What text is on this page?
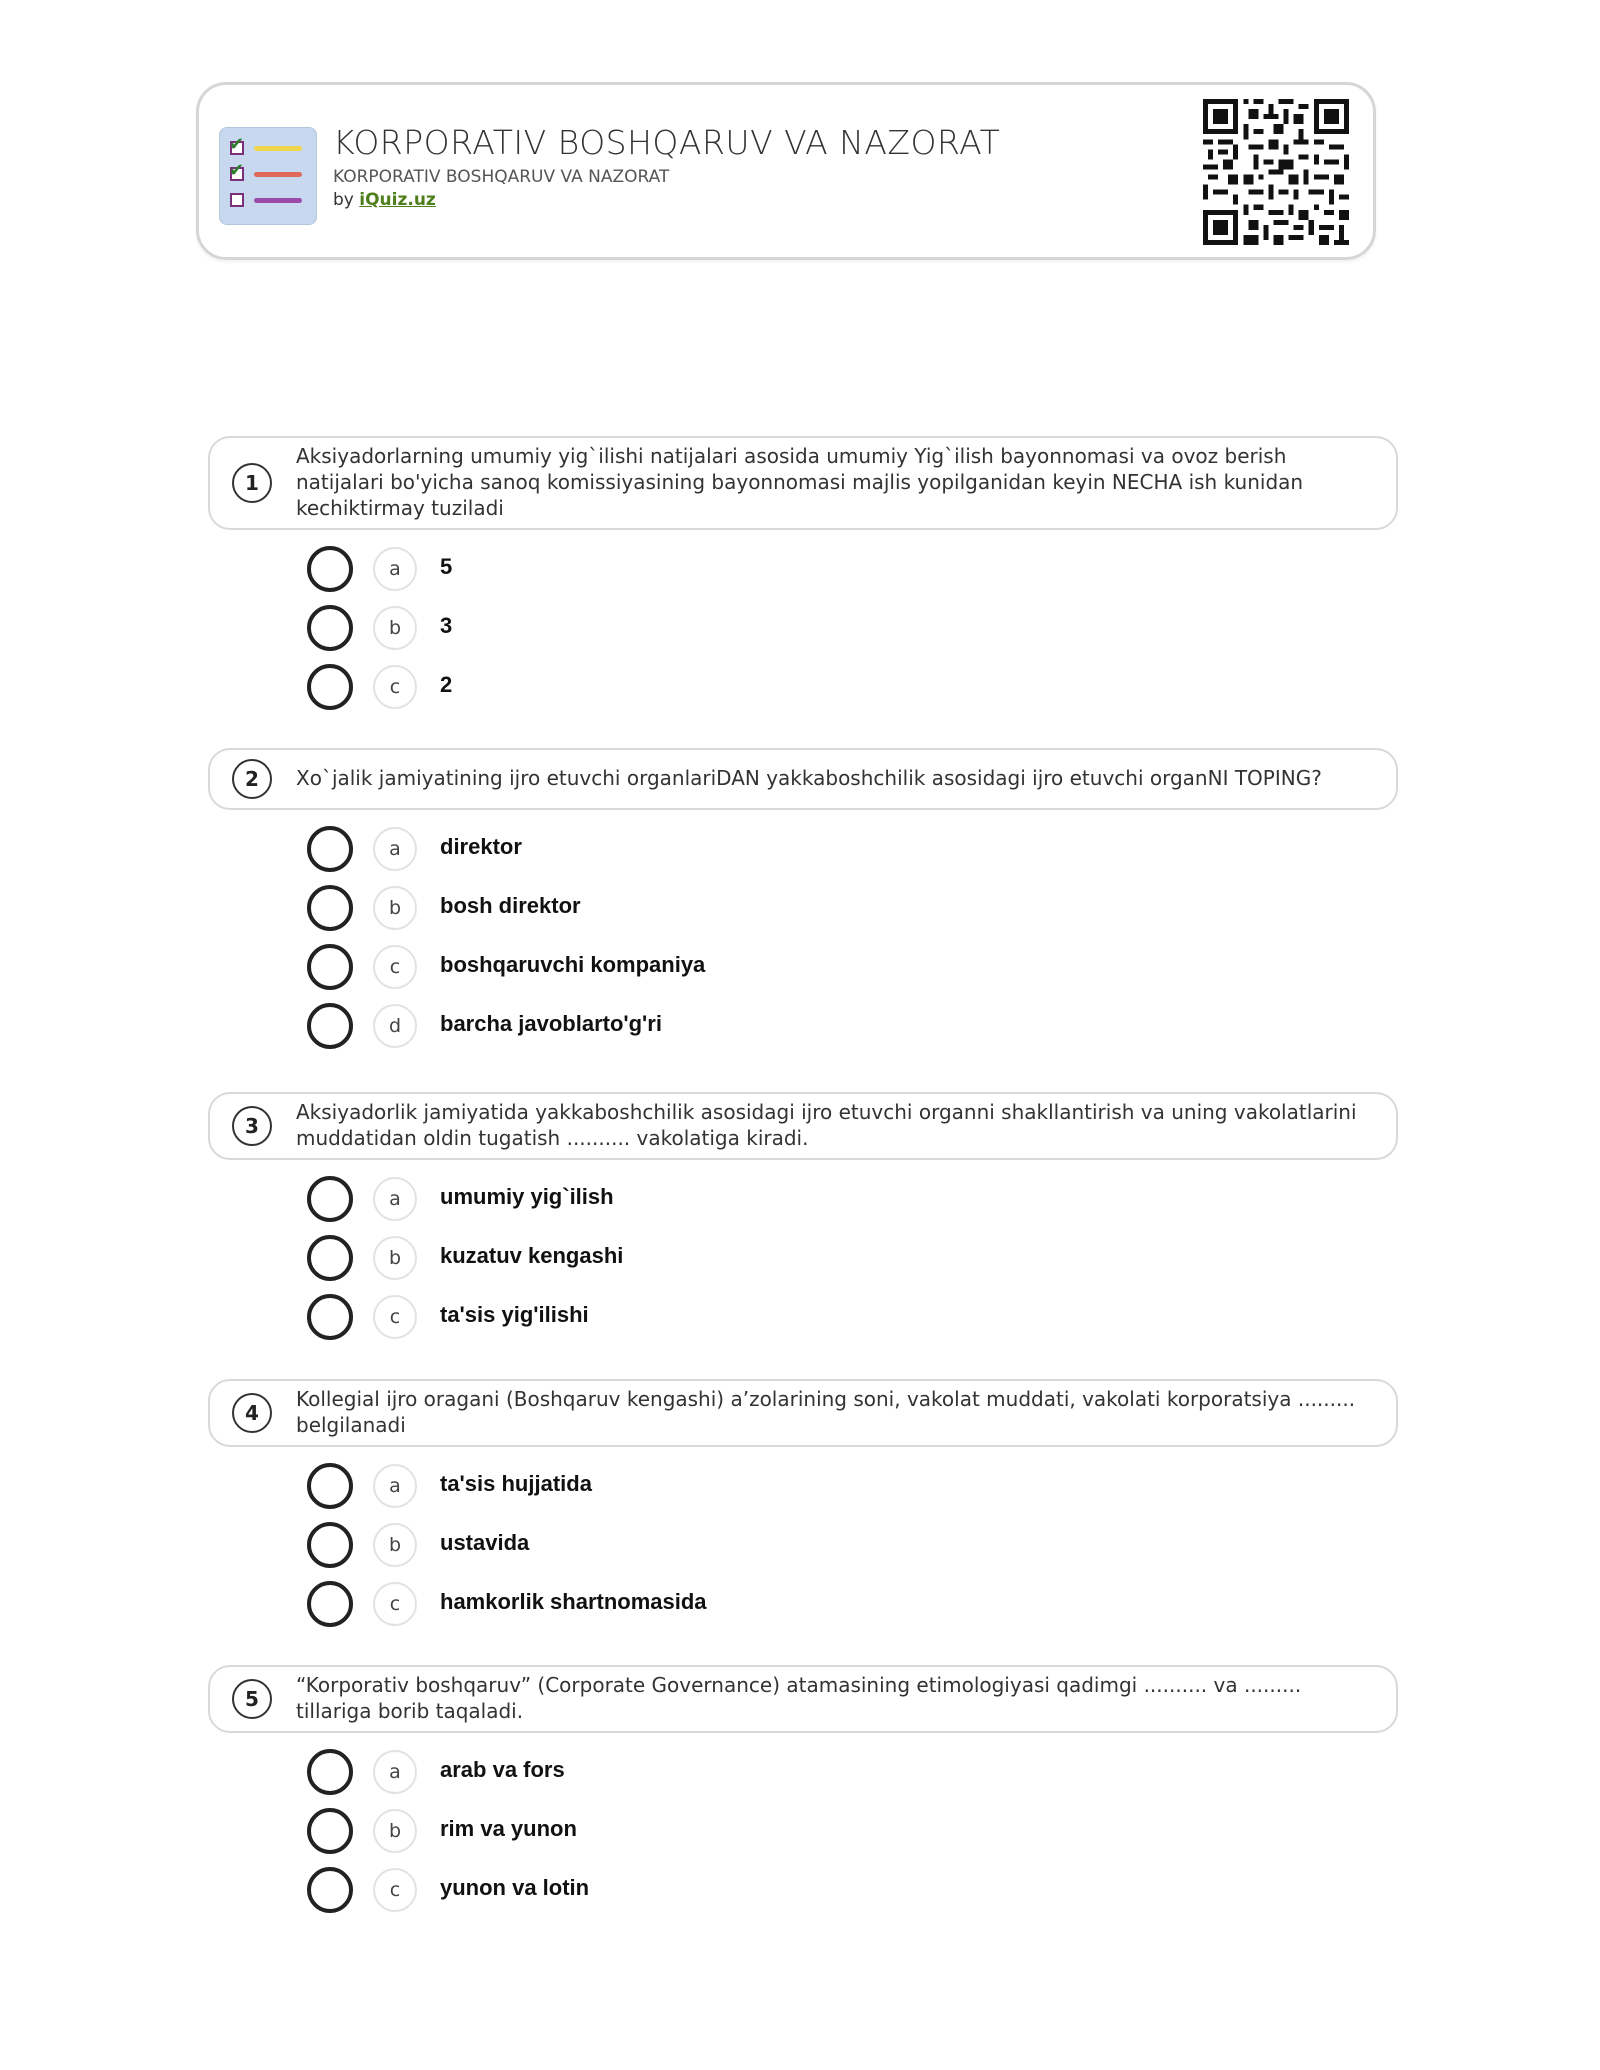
✔
✔
KORPORATIV BOSHQARUV VA NAZORAT
KORPORATIV BOSHQARUV VA NAZORAT
by iQuiz.uz
1
Aksiyadorlarning umumiy yig`ilishi natijalari asosida umumiy Yig`ilish bayonnomasi va ovoz berish natijalari bo'yicha sanoq komissiyasining bayonnomasi majlis yopilganidan keyin NECHA ish kunidan kechiktirmay tuziladi
a	5
b	3
c	2
2	Xo`jalik jamiyatining ijro etuvchi organlariDAN yakkaboshchilik asosidagi ijro etuvchi organNI TOPING?
a	direktor
b	bosh direktor
c	boshqaruvchi kompaniya
d	barcha javoblarto'g'ri
3
Aksiyadorlik jamiyatida yakkaboshchilik asosidagi ijro etuvchi organni shakllantirish va uning vakolatlarini muddatidan oldin tugatish .......... vakolatiga kiradi.
a	umumiy yig`ilish
b	kuzatuv kengashi
c	ta'sis yig'ilishi
4
Kollegial ijro oragani (Boshqaruv kengashi) a’zolarining soni, vakolat muddati, vakolati korporatsiya ......... belgilanadi
a	ta'sis hujjatida
b	ustavida
c	hamkorlik shartnomasida
5
“Korporativ boshqaruv” (Corporate Governance) atamasining etimologiyasi qadimgi .......... va ......... tillariga borib taqaladi.
a	arab va fors
b	rim va yunon
c	yunon va lotin
